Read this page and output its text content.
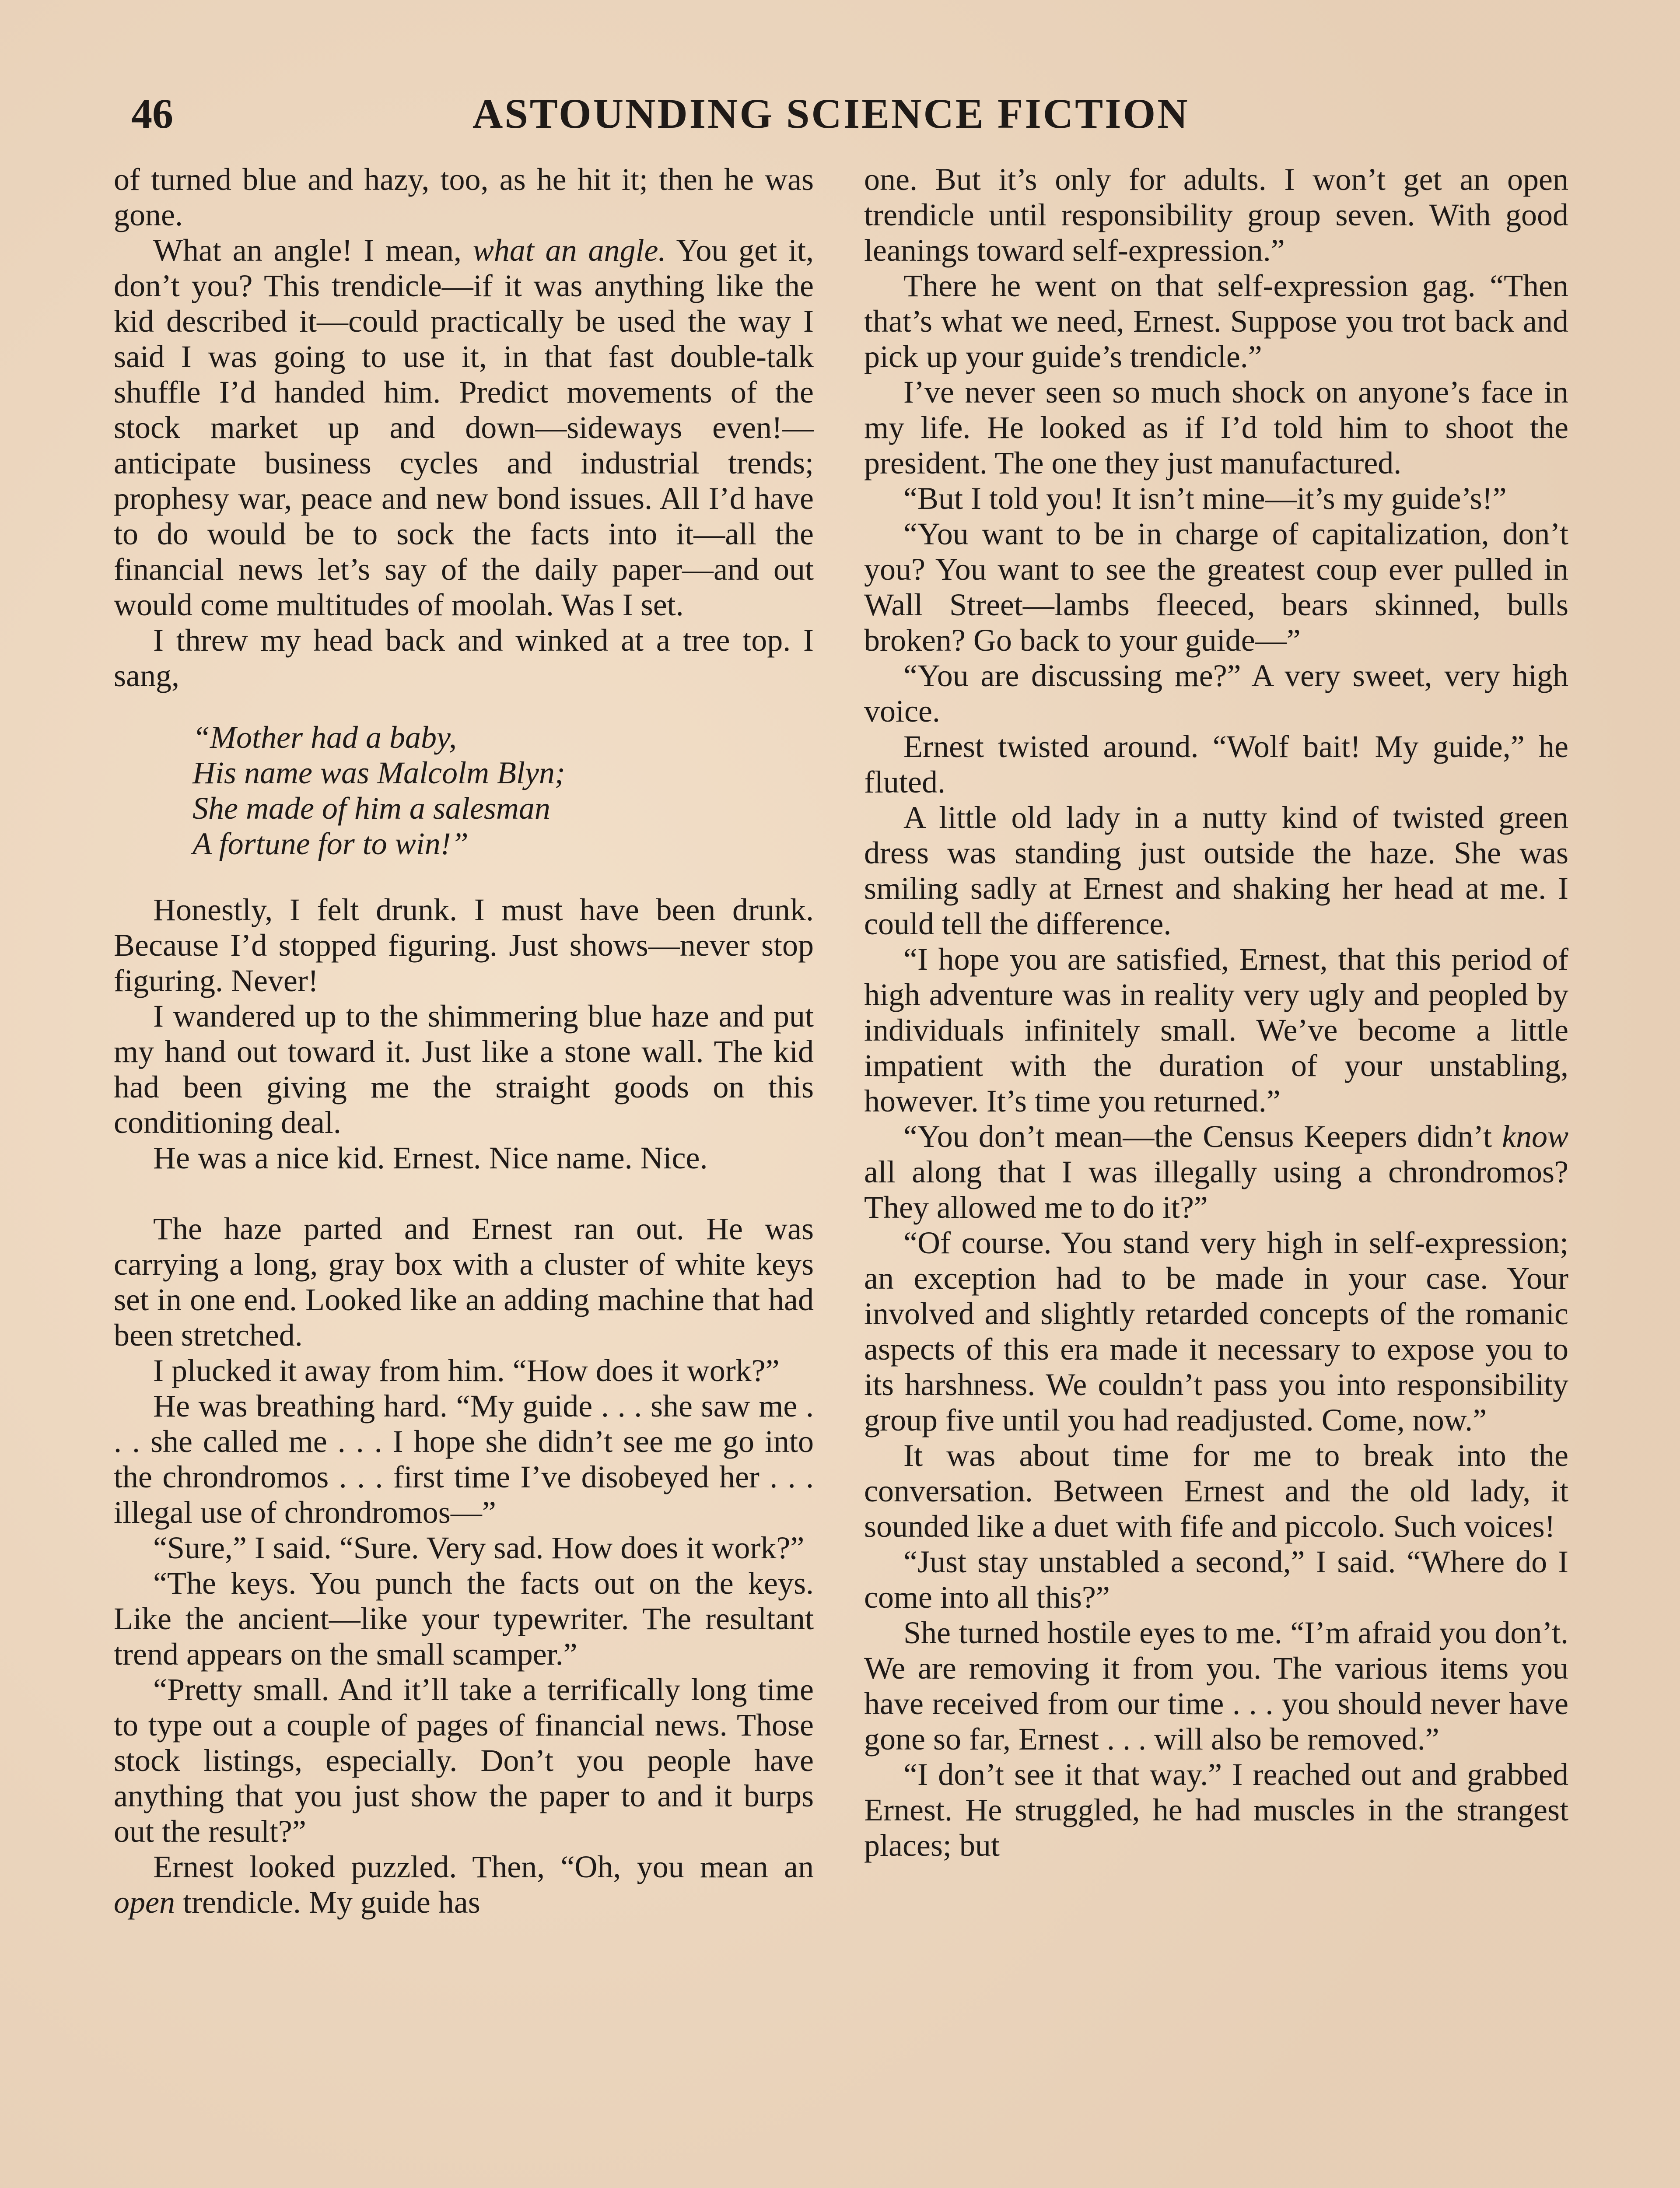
46	ASTOUNDING SCIENCE FICTION

of turned blue and hazy, too, as he hit it; then he was gone.

What an angle! I mean, what an angle. You get it, don’t you? This trendicle—if it was anything like the kid described it—could practically be used the way I said I was going to use it, in that fast double-talk shuffle I’d handed him. Predict movements of the stock market up and down—sideways even!—anticipate business cycles and industrial trends; prophesy war, peace and new bond issues. All I’d have to do would be to sock the facts into it—all the financial news let’s say of the daily paper—and out would come multitudes of moolah. Was I set.

I threw my head back and winked at a tree top. I sang,

“Mother had a baby,
His name was Malcolm Blyn;
She made of him a salesman
A fortune for to win!”

Honestly, I felt drunk. I must have been drunk. Because I’d stopped figuring. Just shows—never stop figuring. Never!

I wandered up to the shimmering blue haze and put my hand out toward it. Just like a stone wall. The kid had been giving me the straight goods on this conditioning deal.

He was a nice kid. Ernest. Nice name. Nice.

The haze parted and Ernest ran out. He was carrying a long, gray box with a cluster of white keys set in one end. Looked like an adding machine that had been stretched.

I plucked it away from him. “How does it work?”

He was breathing hard. “My guide . . . she saw me . . . she called me . . . I hope she didn’t see me go into the chrondromos . . . first time I’ve disobeyed her . . . illegal use of chrondromos—”

“Sure,” I said. “Sure. Very sad. How does it work?”

“The keys. You punch the facts out on the keys. Like the ancient—like your typewriter. The resultant trend appears on the small scamper.”

“Pretty small. And it’ll take a terrifically long time to type out a couple of pages of financial news. Those stock listings, especially. Don’t you people have anything that you just show the paper to and it burps out the result?”

Ernest looked puzzled. Then, “Oh, you mean an open trendicle. My guide has

one. But it’s only for adults. I won’t get an open trendicle until responsibility group seven. With good leanings toward self-expression.”

There he went on that self-expression gag. “Then that’s what we need, Ernest. Suppose you trot back and pick up your guide’s trendicle.”

I’ve never seen so much shock on anyone’s face in my life. He looked as if I’d told him to shoot the president. The one they just manufactured.

“But I told you! It isn’t mine—it’s my guide’s!”

“You want to be in charge of capitalization, don’t you? You want to see the greatest coup ever pulled in Wall Street—lambs fleeced, bears skinned, bulls broken? Go back to your guide—”

“You are discussing me?” A very sweet, very high voice.

Ernest twisted around. “Wolf bait! My guide,” he fluted.

A little old lady in a nutty kind of twisted green dress was standing just outside the haze. She was smiling sadly at Ernest and shaking her head at me. I could tell the difference.

“I hope you are satisfied, Ernest, that this period of high adventure was in reality very ugly and peopled by individuals infinitely small. We’ve become a little impatient with the duration of your unstabling, however. It’s time you returned.”

“You don’t mean—the Census Keepers didn’t know all along that I was illegally using a chrondromos? They allowed me to do it?”

“Of course. You stand very high in self-expression; an exception had to be made in your case. Your involved and slightly retarded concepts of the romanic aspects of this era made it necessary to expose you to its harshness. We couldn’t pass you into responsibility group five until you had readjusted. Come, now.”

It was about time for me to break into the conversation. Between Ernest and the old lady, it sounded like a duet with fife and piccolo. Such voices!

“Just stay unstabled a second,” I said. “Where do I come into all this?”

She turned hostile eyes to me. “I’m afraid you don’t. We are removing it from you. The various items you have received from our time . . . you should never have gone so far, Ernest . . . will also be removed.”

“I don’t see it that way.” I reached out and grabbed Ernest. He struggled, he had muscles in the strangest places; but
